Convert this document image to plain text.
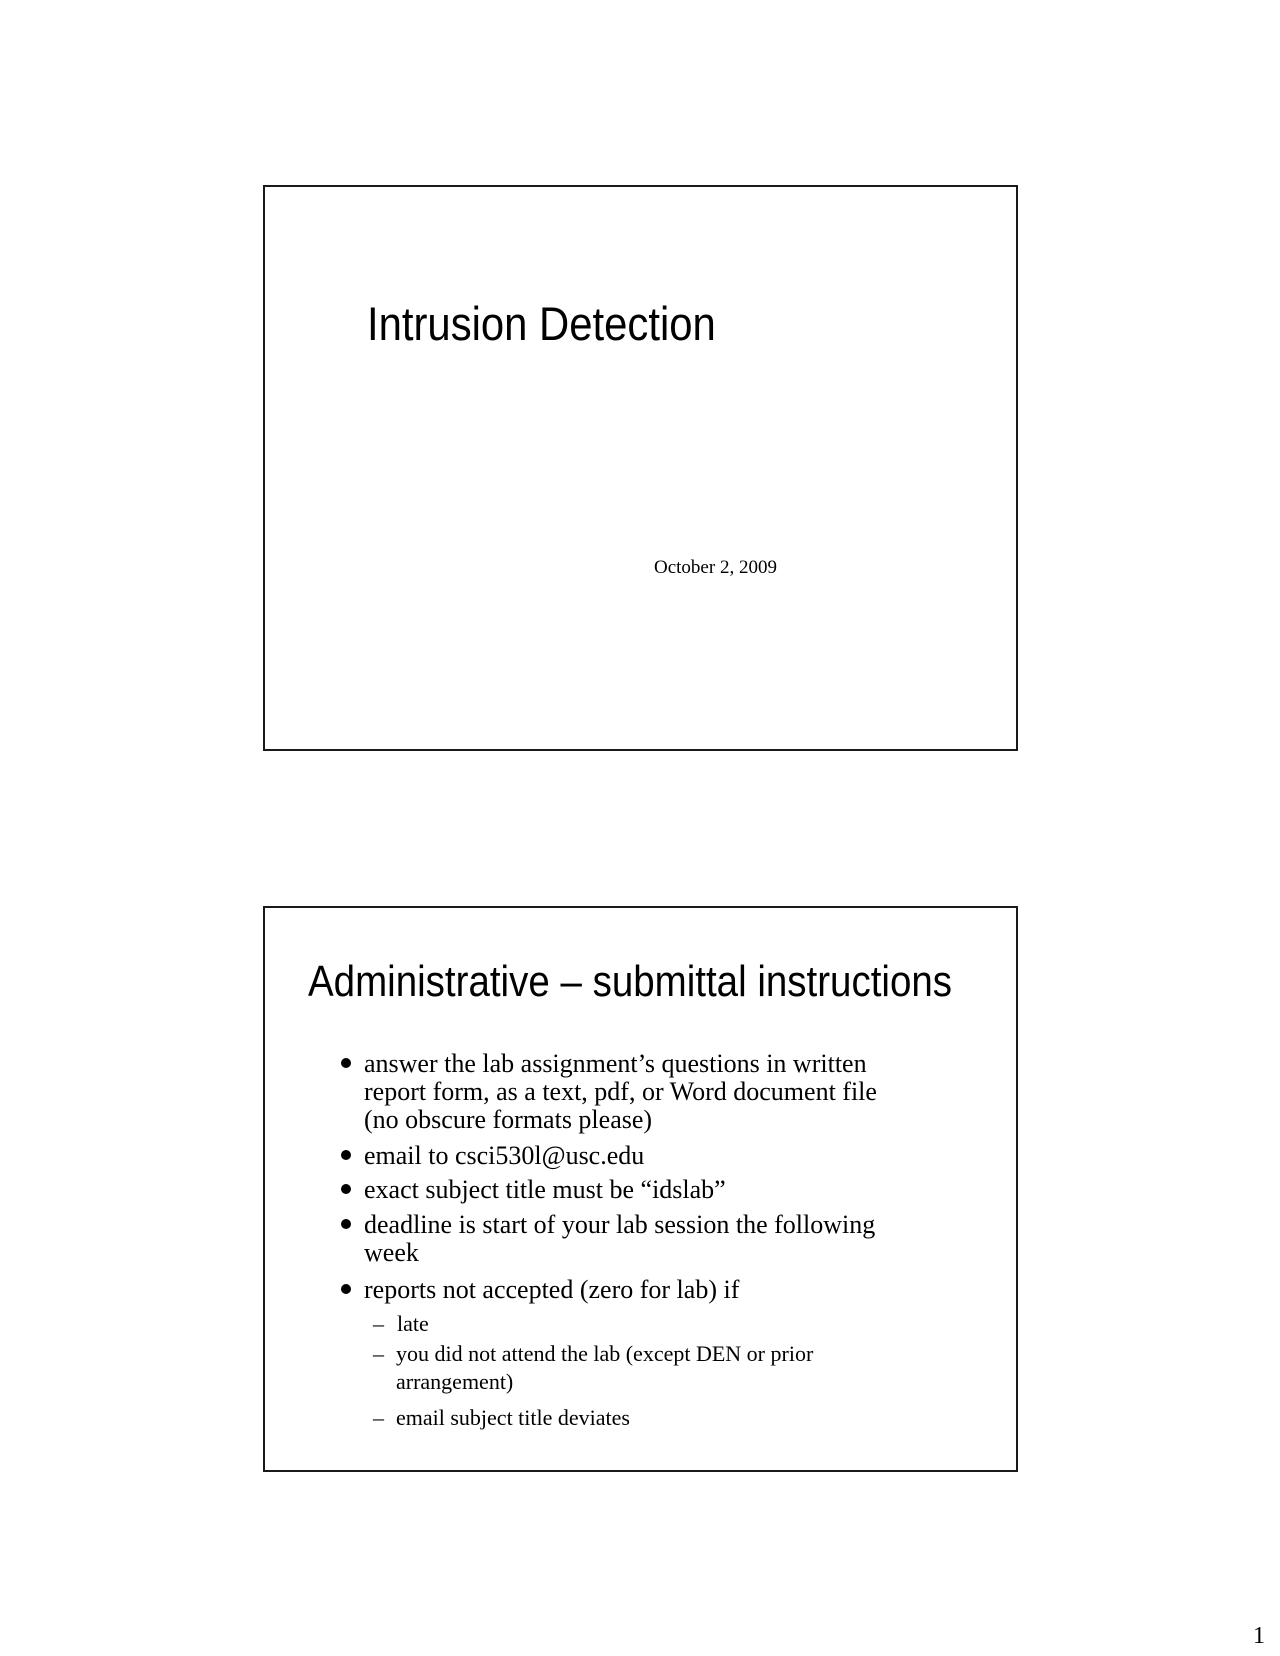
Intrusion Detection
October 2, 2009
Administrative – submittal instructions
answer the lab assignment’s questions in written
report form, as a text, pdf, or Word document file
(no obscure formats please)
email to csci530l@usc.edu
exact subject title must be “idslab”
deadline is start of your lab session the following
week
reports not accepted (zero for lab) if
– late
– you did not attend the lab (except DEN or prior
arrangement)
– email subject title deviates
1
